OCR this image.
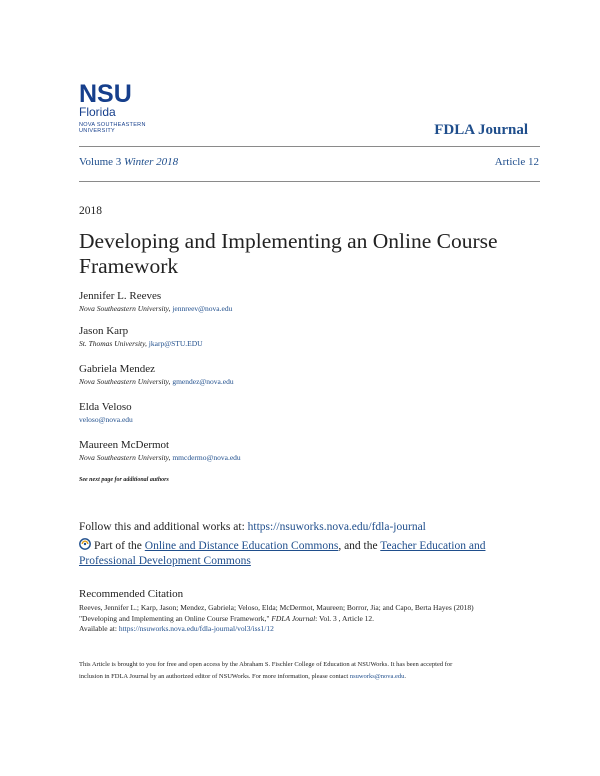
NSU
Florida
NOVA SOUTHEASTERN
UNIVERSITY	FDLA Journal
Volume 3 Winter 2018	Article 12
2018
Developing and Implementing an Online Course Framework
Jennifer L. Reeves
Nova Southeastern University, jennreev@nova.edu
Jason Karp
St. Thomas University, jkarp@STU.EDU
Gabriela Mendez
Nova Southeastern University, gmendez@nova.edu
Elda Veloso
veloso@nova.edu
Maureen McDermot
Nova Southeastern University, mmcdermo@nova.edu
See next page for additional authors
Follow this and additional works at: https://nsuworks.nova.edu/fdla-journal
Part of the Online and Distance Education Commons, and the Teacher Education and
Professional Development Commons
Recommended Citation
Reeves, Jennifer L.; Karp, Jason; Mendez, Gabriela; Veloso, Elda; McDermot, Maureen; Borror, Jia; and Capo, Berta Hayes (2018)
"Developing and Implementing an Online Course Framework," FDLA Journal: Vol. 3 , Article 12.
Available at: https://nsuworks.nova.edu/fdla-journal/vol3/iss1/12
This Article is brought to you for free and open access by the Abraham S. Fischler College of Education at NSUWorks. It has been accepted for
inclusion in FDLA Journal by an authorized editor of NSUWorks. For more information, please contact nsuworks@nova.edu.
